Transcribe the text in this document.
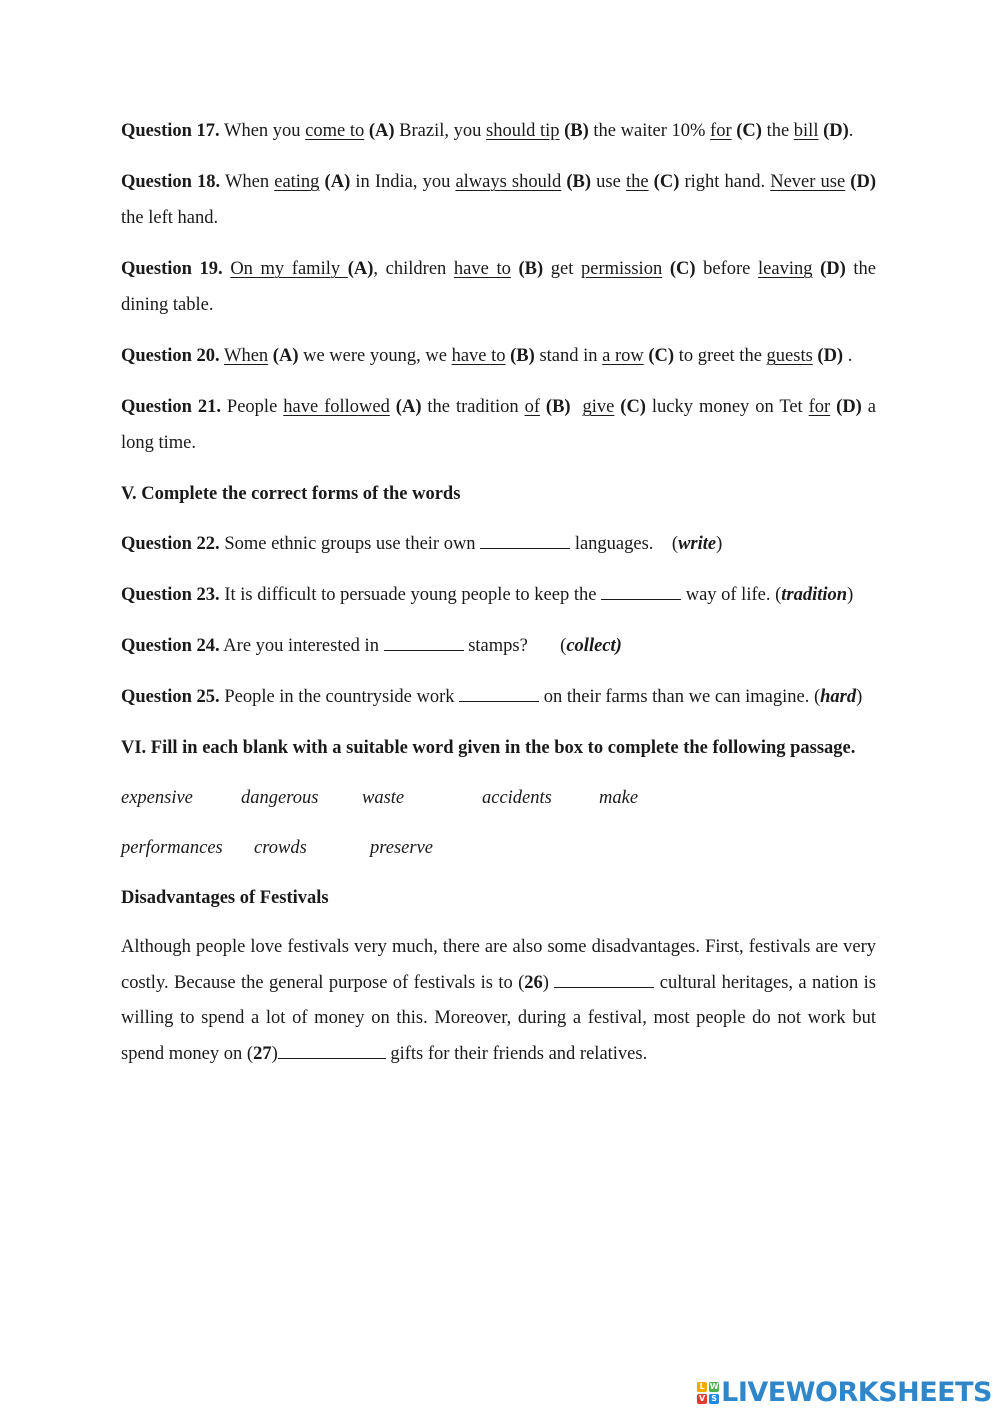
Question 17. When you come to (A) Brazil, you should tip (B) the waiter 10% for (C) the bill (D).

Question 18. When eating (A) in India, you always should (B) use the (C) right hand. Never use (D) the left hand.

Question 19. On my family (A), children have to (B) get permission (C) before leaving (D) the dining table.

Question 20. When (A) we were young, we have to (B) stand in a row (C) to greet the guests (D) .

Question 21. People have followed (A) the tradition of (B) give (C) lucky money on Tet for (D) a long time.

V. Complete the correct forms of the words

Question 22. Some ethnic groups use their own	languages.    (write)

Question 23. It is difficult to persuade young people to keep the	way of life. (tradition)

Question 24. Are you interested in	stamps?       (collect)

Question 25. People in the countryside work	on their farms than we can imagine. (hard)

VI. Fill in each blank with a suitable word given in the box to complete the following passage.

expensive	dangerous waste	accidents	make
performances crowds	preserve

Disadvantages of Festivals

Although people love festivals very much, there are also some disadvantages. First, festivals are very costly. Because the general purpose of festivals is to (26)	cultural heritages, a nation is willing to spend a lot of money on this. Moreover, during a festival, most people do not work but spend money on (27)	gifts for their friends and relatives.

L W
V S LIVEWORKSHEETS
